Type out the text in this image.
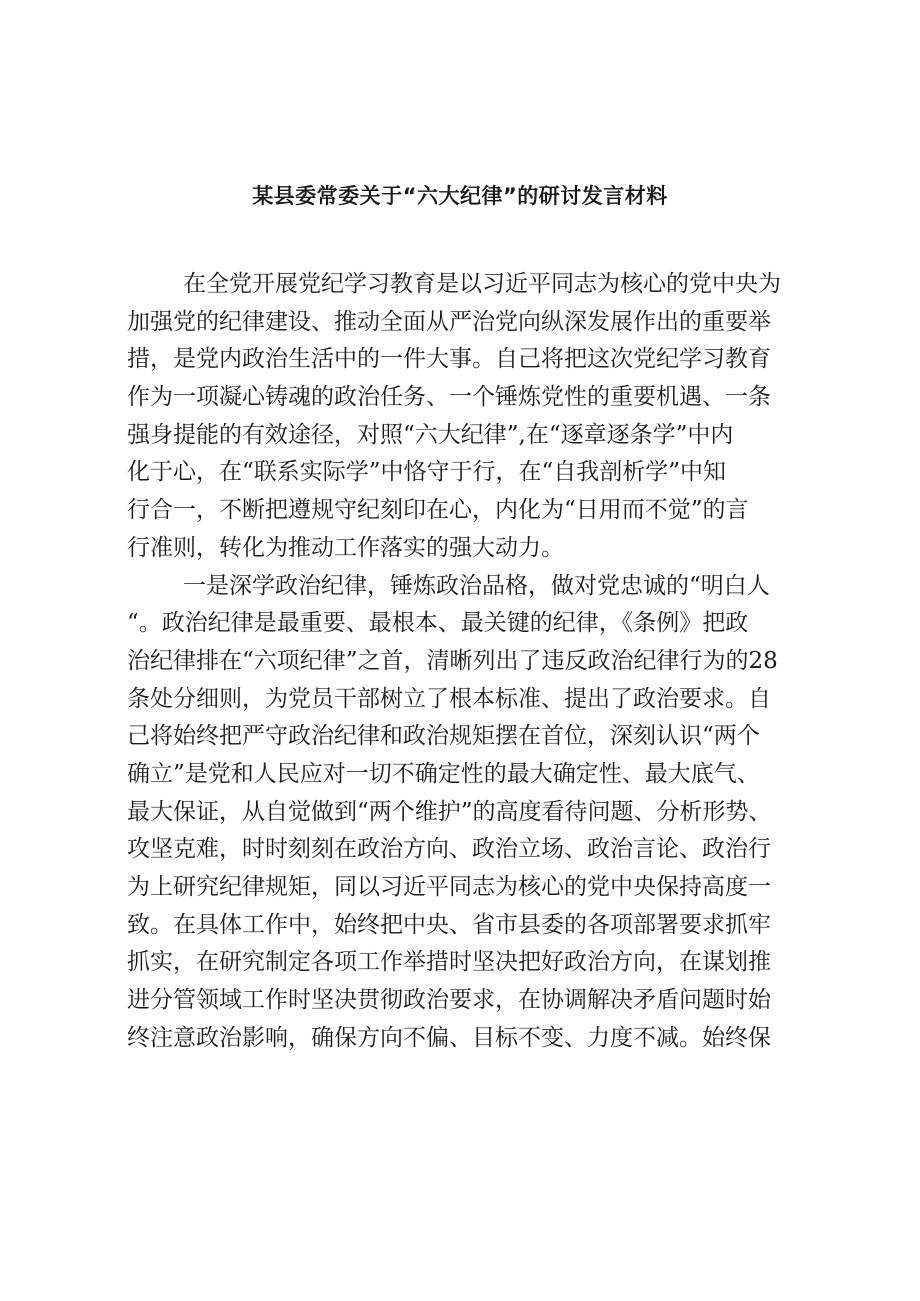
某县委常委关于“六大纪律”的研讨发言材料
在全党开展党纪学习教育是以习近平同志为核心的党中央为
加强党的纪律建设、推动全面从严治党向纵深发展作出的重要举
措，是党内政治生活中的一件大事。自己将把这次党纪学习教育
作为一项凝心铸魂的政治任务、一个锤炼党性的重要机遇、一条
强身提能的有效途径，对照“六大纪律”,在“逐章逐条学”中内
化于心，在“联系实际学”中恪守于行，在“自我剖析学”中知
行合一，不断把遵规守纪刻印在心，内化为“日用而不觉”的言
行准则，转化为推动工作落实的强大动力。
一是深学政治纪律，锤炼政治品格，做对党忠诚的“明白人
“。政治纪律是最重要、最根本、最关键的纪律，《条例》把政
治纪律排在“六项纪律”之首，清晰列出了违反政治纪律行为的28
条处分细则，为党员干部树立了根本标准、提出了政治要求。自
己将始终把严守政治纪律和政治规矩摆在首位，深刻认识“两个
确立”是党和人民应对一切不确定性的最大确定性、最大底气、
最大保证，从自觉做到“两个维护”的高度看待问题、分析形势、
攻坚克难，时时刻刻在政治方向、政治立场、政治言论、政治行
为上研究纪律规矩，同以习近平同志为核心的党中央保持高度一
致。在具体工作中，始终把中央、省市县委的各项部署要求抓牢
抓实，在研究制定各项工作举措时坚决把好政治方向，在谋划推
进分管领域工作时坚决贯彻政治要求，在协调解决矛盾问题时始
终注意政治影响，确保方向不偏、目标不变、力度不减。始终保
